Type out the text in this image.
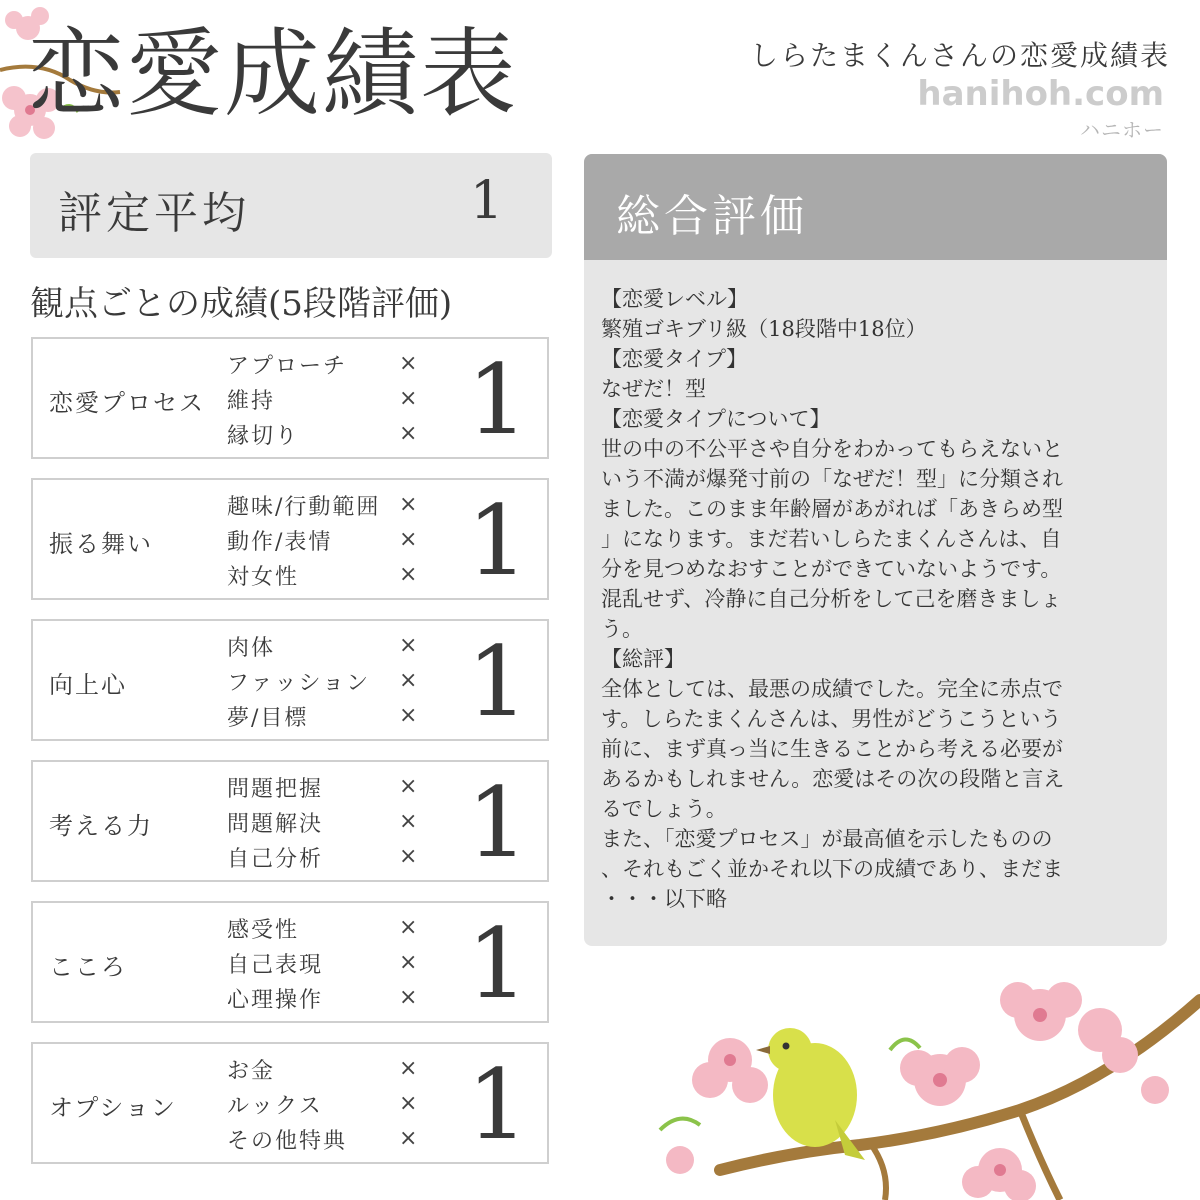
恋愛成績表	しらたまくんさんの恋愛成績表
hanihoh.com
ハニホー
評定平均	1
観点ごとの成績(5段階評価)
恋愛プロセス
アプローチ
維持
縁切り
×
×
× 1
振る舞い
趣味/行動範囲
動作/表情
対女性
×
×
× 1
向上心
肉体
ファッション
夢/目標
×
×
× 1
考える力
問題把握
問題解決
自己分析
×
×
× 1
こころ
感受性
自己表現
心理操作
×
×
× 1
オプション
お金
ルックス
その他特典
×
×
× 1
総合評価

【恋愛レベル】

繁殖ゴキブリ級（18段階中18位）

【恋愛タイプ】

なぜだ！型

【恋愛タイプについて】

世の中の不公平さや自分をわかってもらえないと

いう不満が爆発寸前の「なぜだ！型」に分類され

ました。このまま年齢層があがれば「あきらめ型

」になります。まだ若いしらたまくんさんは、自

分を見つめなおすことができていないようです。

混乱せず、冷静に自己分析をして己を磨きましょ

う。

【総評】

全体としては、最悪の成績でした。完全に赤点で

す。しらたまくんさんは、男性がどうこうという

前に、まず真っ当に生きることから考える必要が

あるかもしれません。恋愛はその次の段階と言え

るでしょう。

また、「恋愛プロセス」が最高値を示したものの

、それもごく並かそれ以下の成績であり、まだま

・・・以下略
